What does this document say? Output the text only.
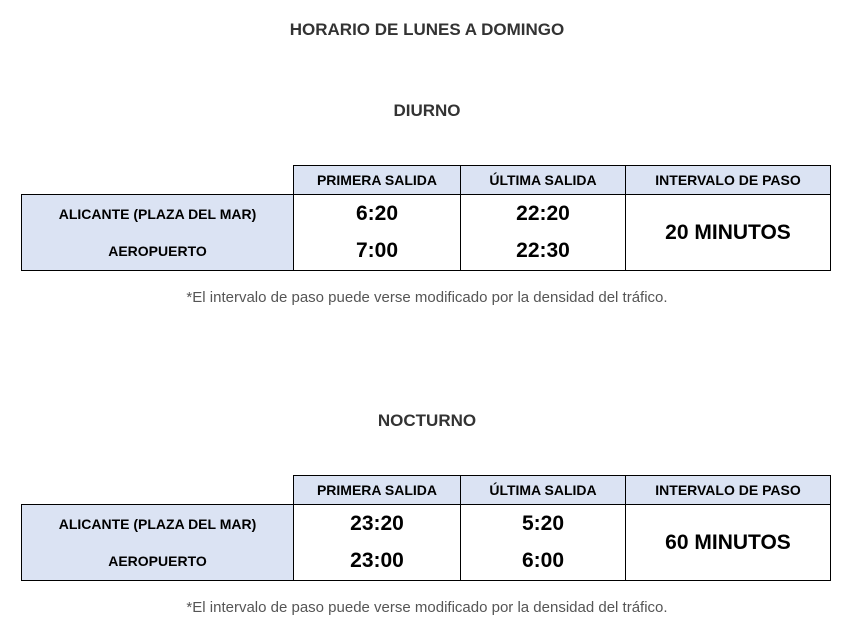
HORARIO DE LUNES A DOMINGO
DIURNO
	PRIMERA SALIDA	ÚLTIMA SALIDA	INTERVALO DE PASO
ALICANTE (PLAZA DEL MAR)	6:20	22:20	20 MINUTOS
AEROPUERTO	7:00	22:30	
*El intervalo de paso puede verse modificado por la densidad del tráfico.
NOCTURNO
	PRIMERA SALIDA	ÚLTIMA SALIDA	INTERVALO DE PASO
ALICANTE (PLAZA DEL MAR)	23:20	5:20	60 MINUTOS
AEROPUERTO	23:00	6:00	
*El intervalo de paso puede verse modificado por la densidad del tráfico.
